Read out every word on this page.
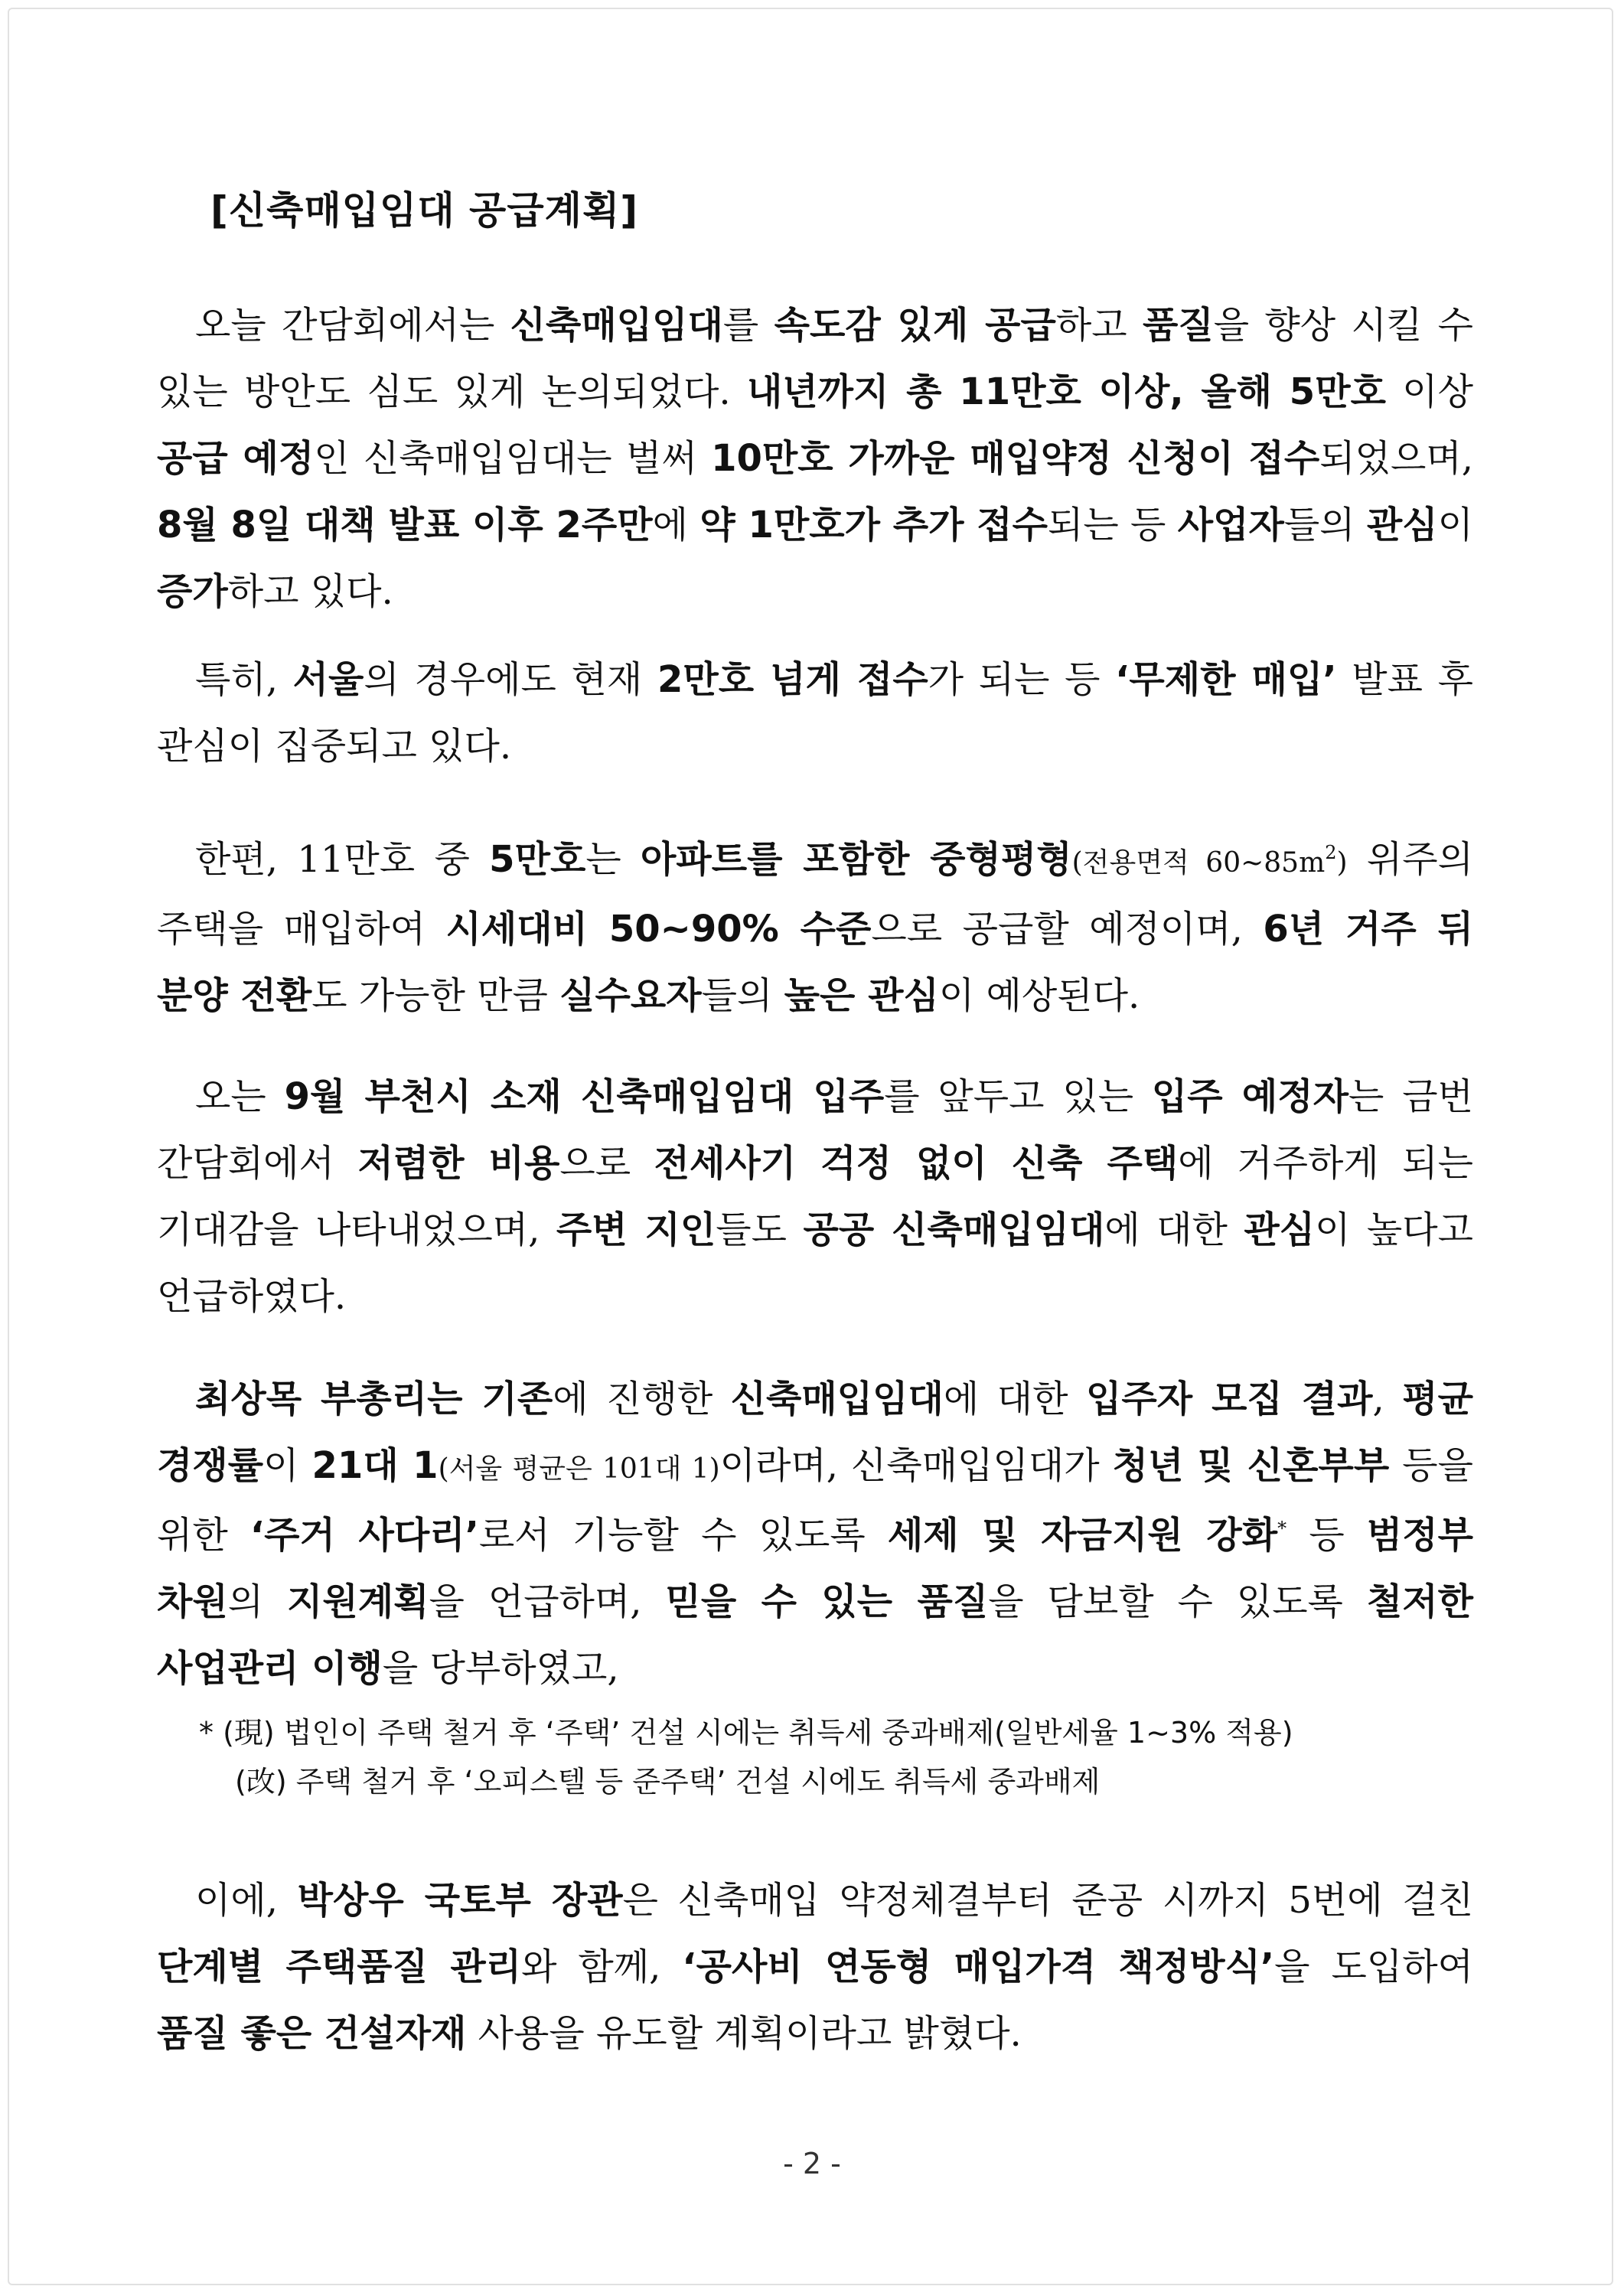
[신축매입임대 공급계획]

오늘 간담회에서는 신축매입임대를 속도감 있게 공급하고 품질을 향상 시킬 수 있는 방안도 심도 있게 논의되었다. 내년까지 총 11만호 이상, 올해 5만호 이상 공급 예정인 신축매입임대는 벌써 10만호 가까운 매입약정 신청이 접수되었으며, 8월 8일 대책 발표 이후 2주만에 약 1만호가 추가 접수되는 등 사업자들의 관심이 증가하고 있다.

특히, 서울의 경우에도 현재 2만호 넘게 접수가 되는 등 ‘무제한 매입’ 발표 후 관심이 집중되고 있다.

한편, 11만호 중 5만호는 아파트를 포함한 중형평형(전용면적 $60\sim 85m^2$) 위주의 주택을 매입하여 시세대비 50~90% 수준으로 공급할 예정이며, 6년 거주 뒤 분양 전환도 가능한 만큼 실수요자들의 높은 관심이 예상된다.

오는 9월 부천시 소재 신축매입임대 입주를 앞두고 있는 입주 예정자는 금번 간담회에서 저렴한 비용으로 전세사기 걱정 없이 신축 주택에 거주하게 되는 기대감을 나타내었으며, 주변 지인들도 공공 신축매입임대에 대한 관심이 높다고 언급하였다.

최상목 부총리는 기존에 진행한 신축매입임대에 대한 입주자 모집 결과, 평균 경쟁률이 21대 1(서울 평균은 101대 1)이라며, 신축매입임대가 청년 및 신혼부부 등을 위한 ‘주거 사다리’로서 기능할 수 있도록 세제 및 자금지원 강화* 등 범정부 차원의 지원계획을 언급하며, 믿을 수 있는 품질을 담보할 수 있도록 철저한 사업관리 이행을 당부하였고,

* (現) 법인이 주택 철거 후 ‘주택’ 건설 시에는 취득세 중과배제(일반세율 1~3% 적용)
(改) 주택 철거 후 ‘오피스텔 등 준주택’ 건설 시에도 취득세 중과배제

이에, 박상우 국토부 장관은 신축매입 약정체결부터 준공 시까지 5번에 걸친 단계별 주택품질 관리와 함께, ‘공사비 연동형 매입가격 책정방식’을 도입하여 품질 좋은 건설자재 사용을 유도할 계획이라고 밝혔다.

- 2 -
